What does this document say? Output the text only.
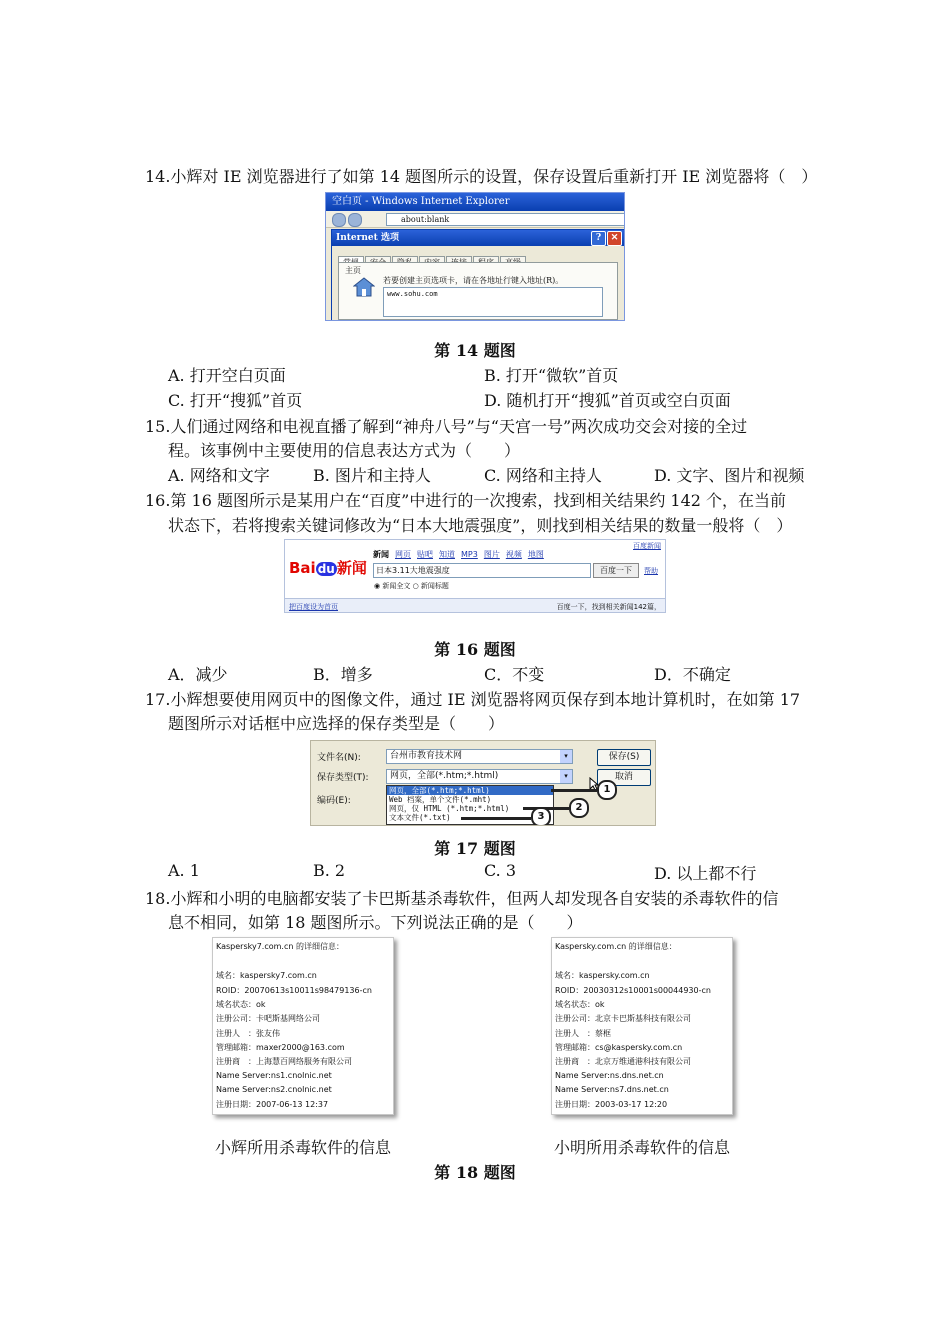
14.小辉对 IE 浏览器进行了如第 14 题图所示的设置，保存设置后重新打开 IE 浏览器将（　）
空白页 - Windows Internet Explorer
about:blank
Internet 选项	?	✕
主页
若要创建主页选项卡，请在各地址行键入地址(R)。
www.sohu.com
第 14 题图
A. 打开空白页面	B. 打开“微软”首页
C. 打开“搜狐”首页	D. 随机打开“搜狐”首页或空白页面
15.人们通过网络和电视直播了解到“神舟八号”与“天宫一号”两次成功交会对接的全过
程。该事例中主要使用的信息表达方式为（　　）
A. 网络和文字	B. 图片和主持人	C. 网络和主持人	D. 文字、图片和视频
16.第 16 题图所示是某用户在“百度”中进行的一次搜索，找到相关结果约 142 个，在当前
状态下，若将搜索关键词修改为“日本大地震强度”，则找到相关结果的数量一般将（　）
百度新闻
Bai du 新闻
新闻 网页 贴吧 知道 MP3 图片 视频 地图
日本3.11大地震强度	百度一下	帮助
◉ 新闻全文 ○ 新闻标题
把百度设为首页	百度一下，找到相关新闻142篇，
第 16 题图
A．减少	B．增多	C．不变	D．不确定
17.小辉想要使用网页中的图像文件，通过 IE 浏览器将网页保存到本地计算机时，在如第 17
题图所示对话框中应选择的保存类型是（　　）
文件名(N):	台州市教育技术网	▾
保存类型(T):	网页，全部(*.htm;*.html)	▾
编码(E):
保存(S)
取消
网页，全部(*.htm;*.html)
Web 档案，单个文件(*.mht)
网页，仅 HTML (*.htm;*.html)
文本文件(*.txt)
1
2
3
第 17 题图
A. 1	B. 2	C. 3	D. 以上都不行
18.小辉和小明的电脑都安装了卡巴斯基杀毒软件，但两人却发现各自安装的杀毒软件的信
息不相同，如第 18 题图所示。下列说法正确的是（　　）
Kaspersky7.com.cn 的详细信息：
域名：kaspersky7.com.cn
ROID：20070613s10011s98479136-cn
域名状态：ok
注册公司：卡吧斯基网络公司
注册人　：张友伟
管理邮箱：maxer2000@163.com
注册商　：上海慧百网络服务有限公司
Name Server:ns1.cnolnic.net
Name Server:ns2.cnolnic.net
注册日期：2007-06-13 12:37
Kaspersky.com.cn 的详细信息：
域名：kaspersky.com.cn
ROID：20030312s10001s00044930-cn
域名状态：ok
注册公司：北京卡巴斯基科技有限公司
注册人　：蔡框
管理邮箱：cs@kaspersky.com.cn
注册商　：北京万维通港科技有限公司
Name Server:ns.dns.net.cn
Name Server:ns7.dns.net.cn
注册日期：2003-03-17 12:20
小辉所用杀毒软件的信息	小明所用杀毒软件的信息
第 18 题图
